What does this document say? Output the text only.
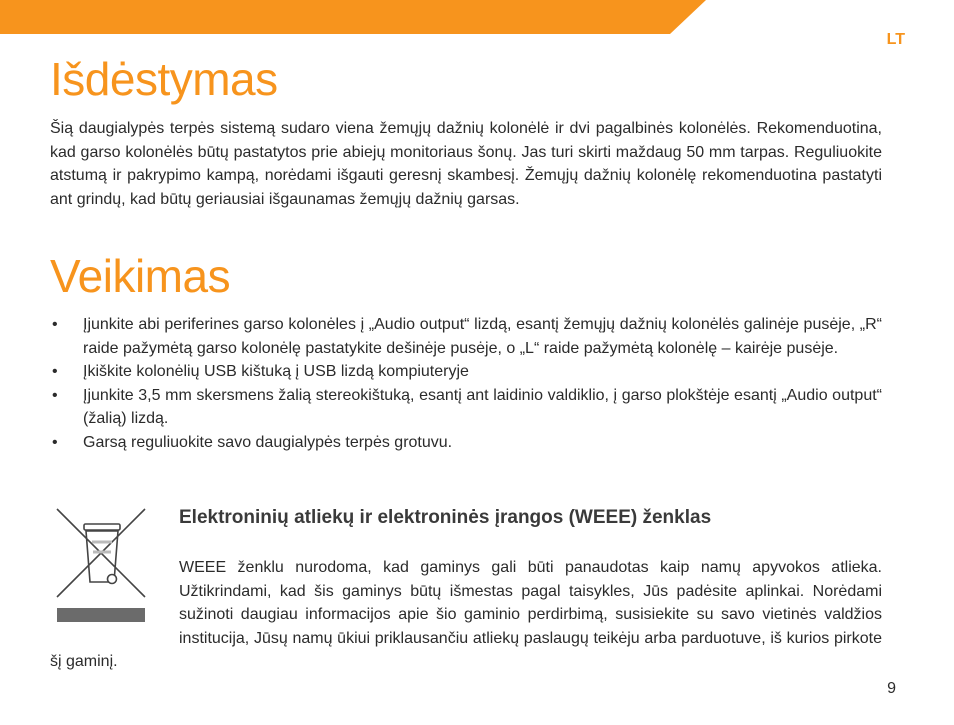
LT
Išdėstymas

Šią daugialypės terpės sistemą sudaro viena žemųjų dažnių kolonėlė ir dvi pagalbinės kolonėlės. Rekomenduotina, kad garso kolonėlės būtų pastatytos prie abiejų monitoriaus šonų. Jas turi skirti maždaug 50 mm tarpas. Reguliuokite atstumą ir pakrypimo kampą, norėdami išgauti geresnį skambesį. Žemųjų dažnių kolonėlę rekomenduotina pastatyti ant grindų, kad būtų geriausiai išgaunamas žemųjų dažnių garsas.

Veikimas
• Įjunkite abi periferines garso kolonėles į „Audio output“ lizdą, esantį žemųjų dažnių kolonėlės galinėje pusėje, „R“ raide pažymėtą garso kolonėlę pastatykite dešinėje pusėje, o „L“ raide pažymėtą kolonėlę – kairėje pusėje.
• Įkiškite kolonėlių USB kištuką į USB lizdą kompiuteryje
• Įjunkite 3,5 mm skersmens žalią stereokištuką, esantį ant laidinio valdiklio, į garso plokštėje esantį „Audio output“ (žalią) lizdą.
• Garsą reguliuokite savo daugialypės terpės grotuvu.
Elektroninių atliekų ir elektroninės įrangos (WEEE) ženklas

WEEE ženklu nurodoma, kad gaminys gali būti panaudotas kaip namų apyvokos atlieka. Užtikrindami, kad šis gaminys būtų išmestas pagal taisykles, Jūs padėsite aplinkai. Norėdami sužinoti daugiau informacijos apie šio gaminio perdirbimą, susisiekite su savo vietinės valdžios institucija, Jūsų namų ūkiui priklausančiu atliekų paslaugų teikėju arba parduotuve, iš kurios pirkote šį gaminį.

9
